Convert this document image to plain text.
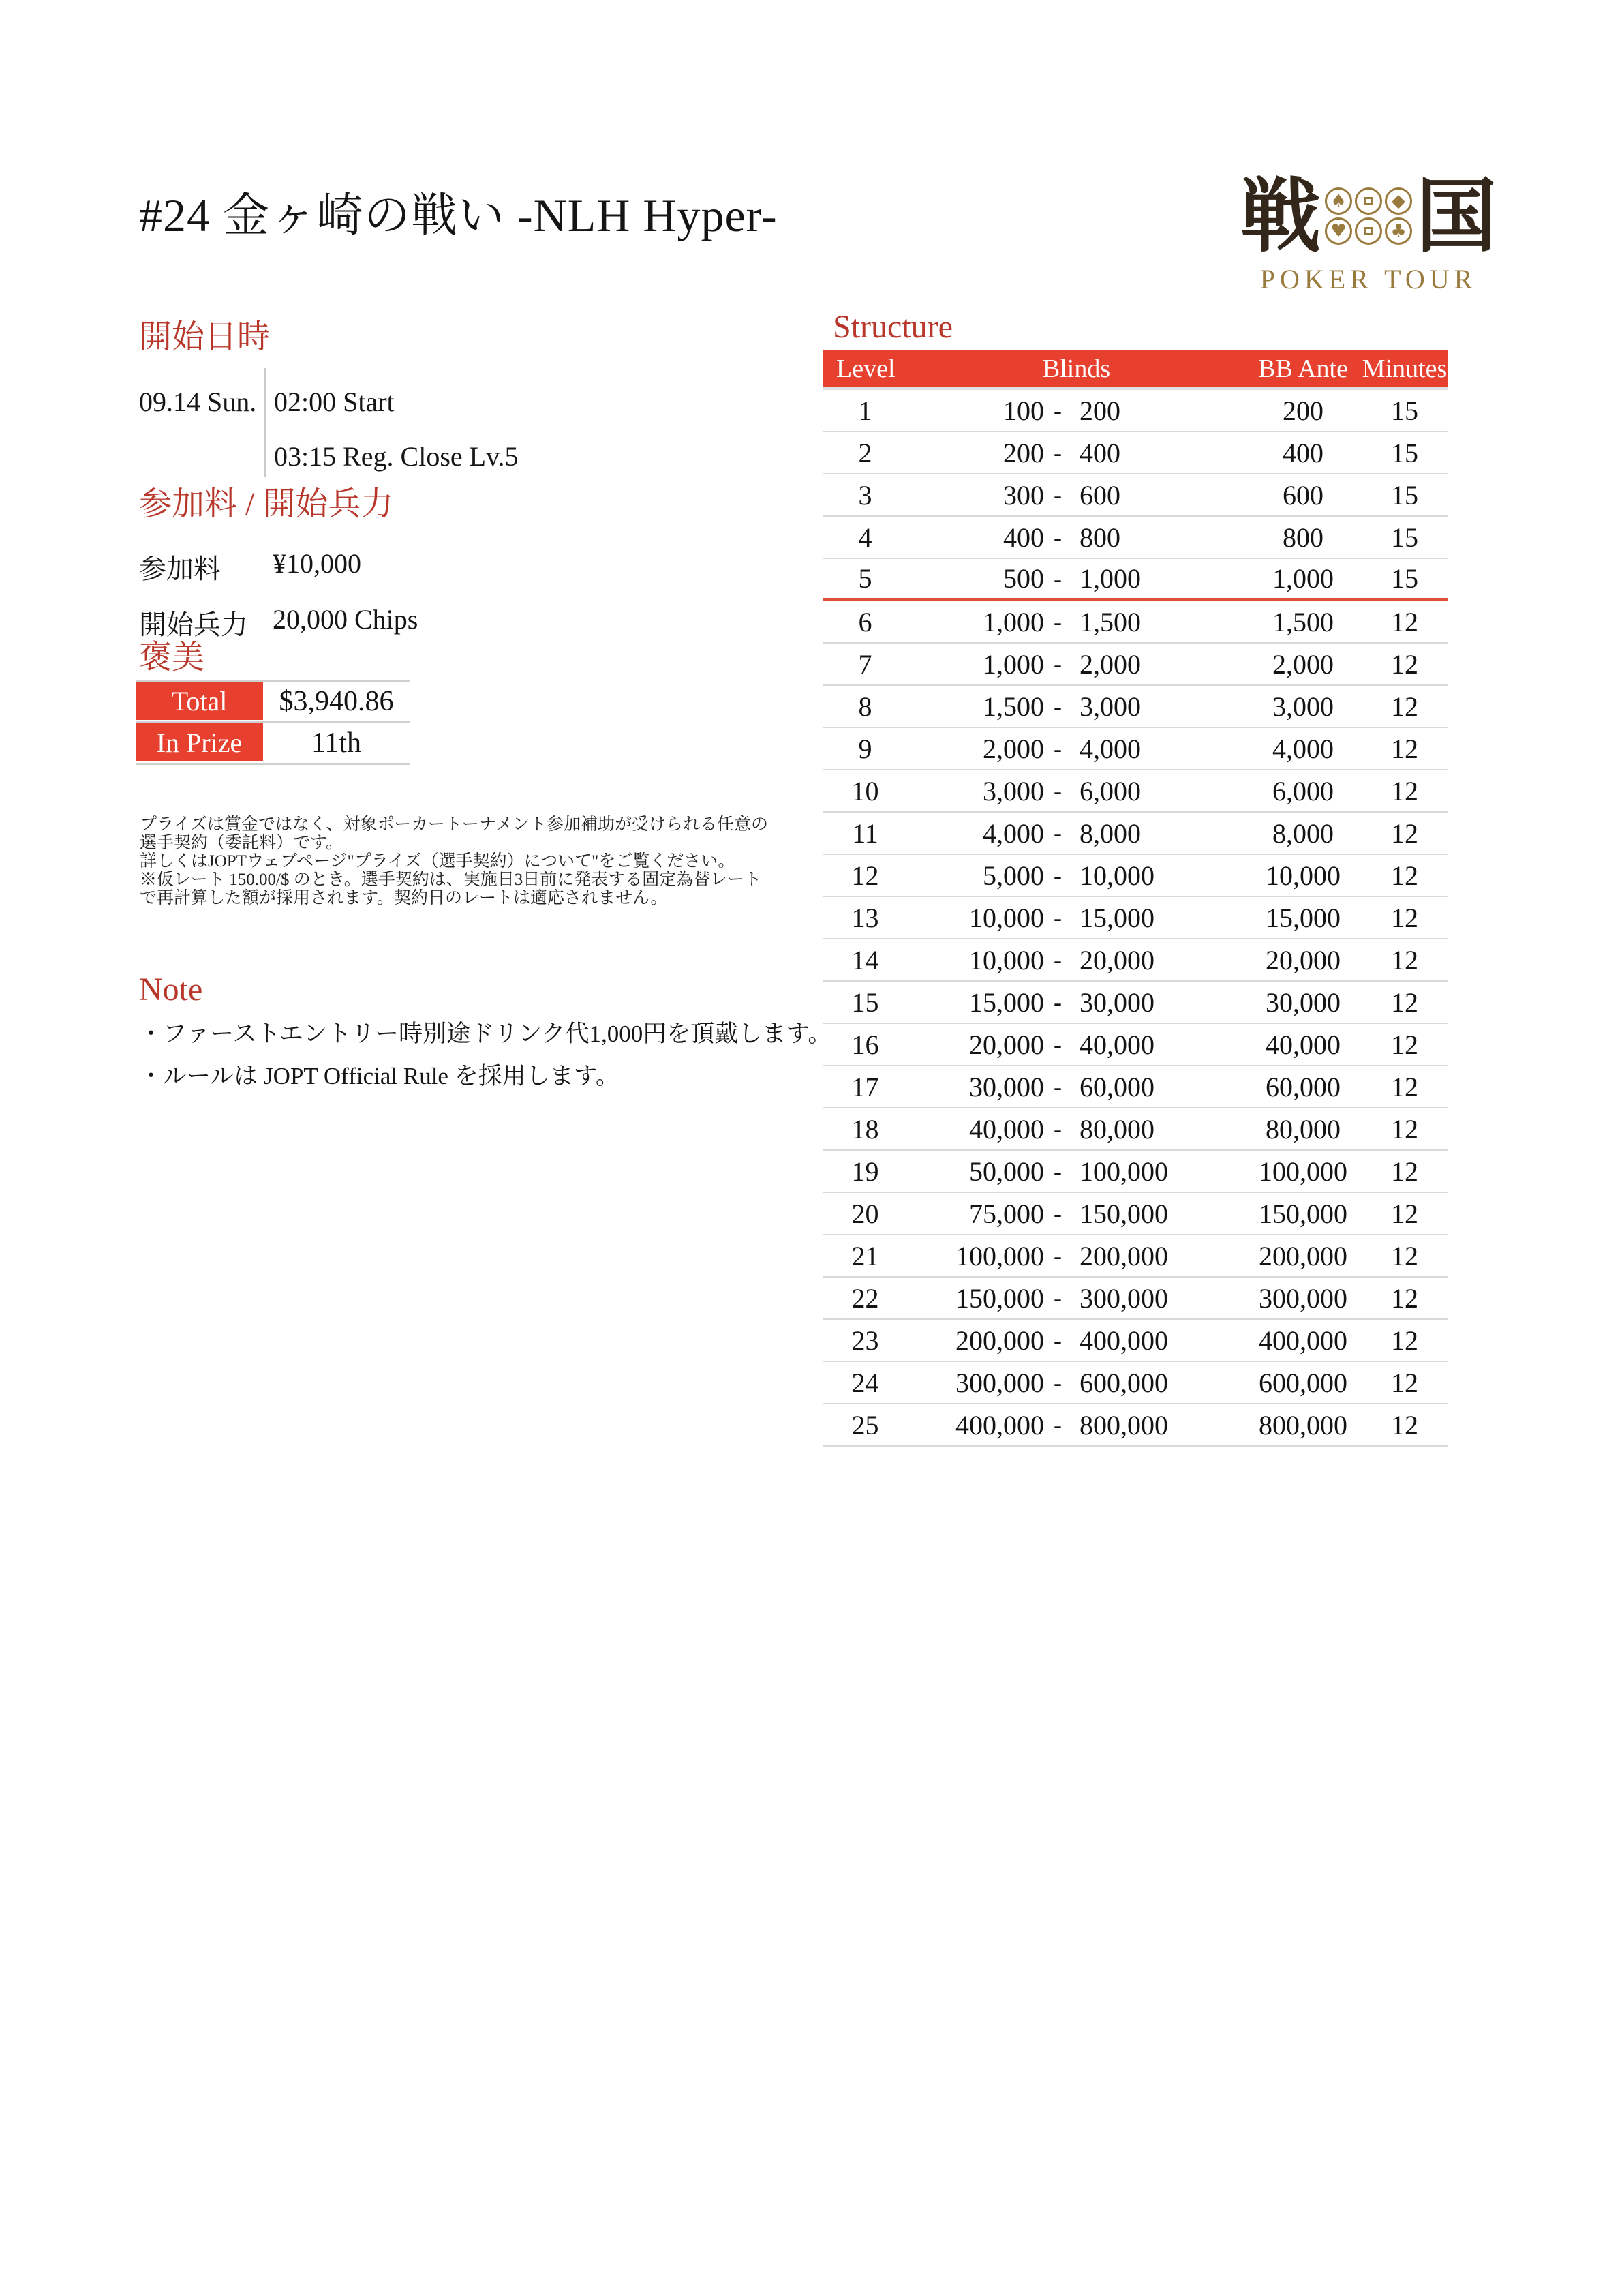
#24 金ヶ崎の戦い -NLH Hyper-	戦 ♠	◆
♥	♣ 国
POKER TOUR
開始日時
09.14 Sun. 02:00 Start
03:15 Reg. Close Lv.5
参加料 / 開始兵力
参加料 ¥10,000
開始兵力 20,000 Chips
褒美
Total	$3,940.86
In Prize	11th
プライズは賞金ではなく、対象ポーカートーナメント参加補助が受けられる任意の
選手契約（委託料）です。
詳しくはJOPTウェブページ"プライズ（選手契約）について"をご覧ください。
※仮レート 150.00/$ のとき。選手契約は、実施日3日前に発表する固定為替レート
で再計算した額が採用されます。契約日のレートは適応されません。
Note
・ファーストエントリー時別途ドリンク代1,000円を頂戴します。
・ルールは JOPT Official Rule を採用します。
Structure
Level	Blinds	BB Ante Minutes
1	100 - 200	200	15
2	200 - 400	400	15
3	300 - 600	600	15
4	400 - 800	800	15
5	500 - 1,000	1,000	15
6	1,000 - 1,500	1,500	12
7	1,000 - 2,000	2,000	12
8	1,500 - 3,000	3,000	12
9	2,000 - 4,000	4,000	12
10	3,000 - 6,000	6,000	12
11	4,000 - 8,000	8,000	12
12	5,000 - 10,000	10,000	12
13	10,000 - 15,000	15,000	12
14	10,000 - 20,000	20,000	12
15	15,000 - 30,000	30,000	12
16	20,000 - 40,000	40,000	12
17	30,000 - 60,000	60,000	12
18	40,000 - 80,000	80,000	12
19	50,000 - 100,000	100,000	12
20	75,000 - 150,000	150,000	12
21	100,000 - 200,000	200,000	12
22	150,000 - 300,000	300,000	12
23	200,000 - 400,000	400,000	12
24	300,000 - 600,000	600,000	12
25	400,000 - 800,000	800,000	12
